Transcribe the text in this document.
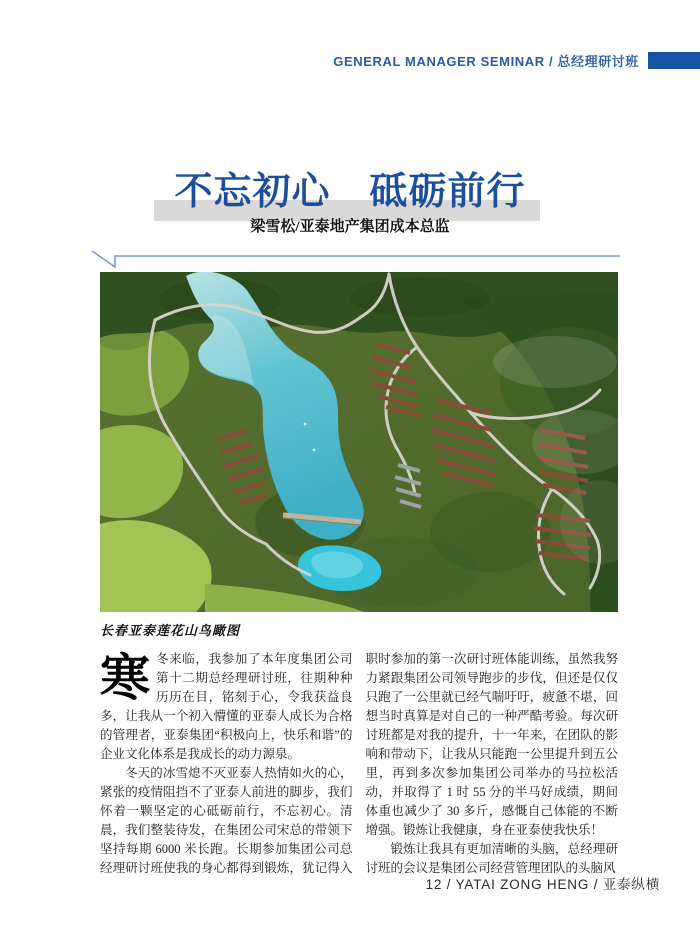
GENERAL MANAGER SEMINAR / 总经理研讨班
不忘初心　砥砺前行
梁雪松/亚泰地产集团成本总监
长春亚泰莲花山鸟瞰图

寒冬来临，我参加了本年度集团公司第十二期总经理研讨班，往期种种历历在目，铭刻于心，令我获益良多，让我从一个初入懵懂的亚泰人成长为合格的管理者，亚泰集团“积极向上，快乐和谐”的企业文化体系是我成长的动力源泉。

冬天的冰雪熄不灭亚泰人热情如火的心，紧张的疫情阻挡不了亚泰人前进的脚步，我们怀着一颗坚定的心砥砺前行，不忘初心。清晨，我们整装待发，在集团公司宋总的带领下坚持每期 6000 米长跑。长期参加集团公司总经理研讨班使我的身心都得到锻炼，犹记得入职时参加的第一次研讨班体能训练，虽然我努力紧跟集团公司领导跑步的步伐，但还是仅仅只跑了一公里就已经气喘吁吁，疲惫不堪，回想当时真算是对自己的一种严酷考验。每次研讨班都是对我的提升，十一年来，在团队的影响和带动下，让我从只能跑一公里提升到五公里，再到多次参加集团公司举办的马拉松活动，并取得了 1 时 55 分的半马好成绩，期间体重也减少了 30 多斤，感慨自己体能的不断增强。锻炼让我健康，身在亚泰使我快乐！

锻炼让我具有更加清晰的头脑，总经理研讨班的会议是集团公司经营管理团队的头脑风

12 / YATAI ZONG HENG / 亚泰纵横
